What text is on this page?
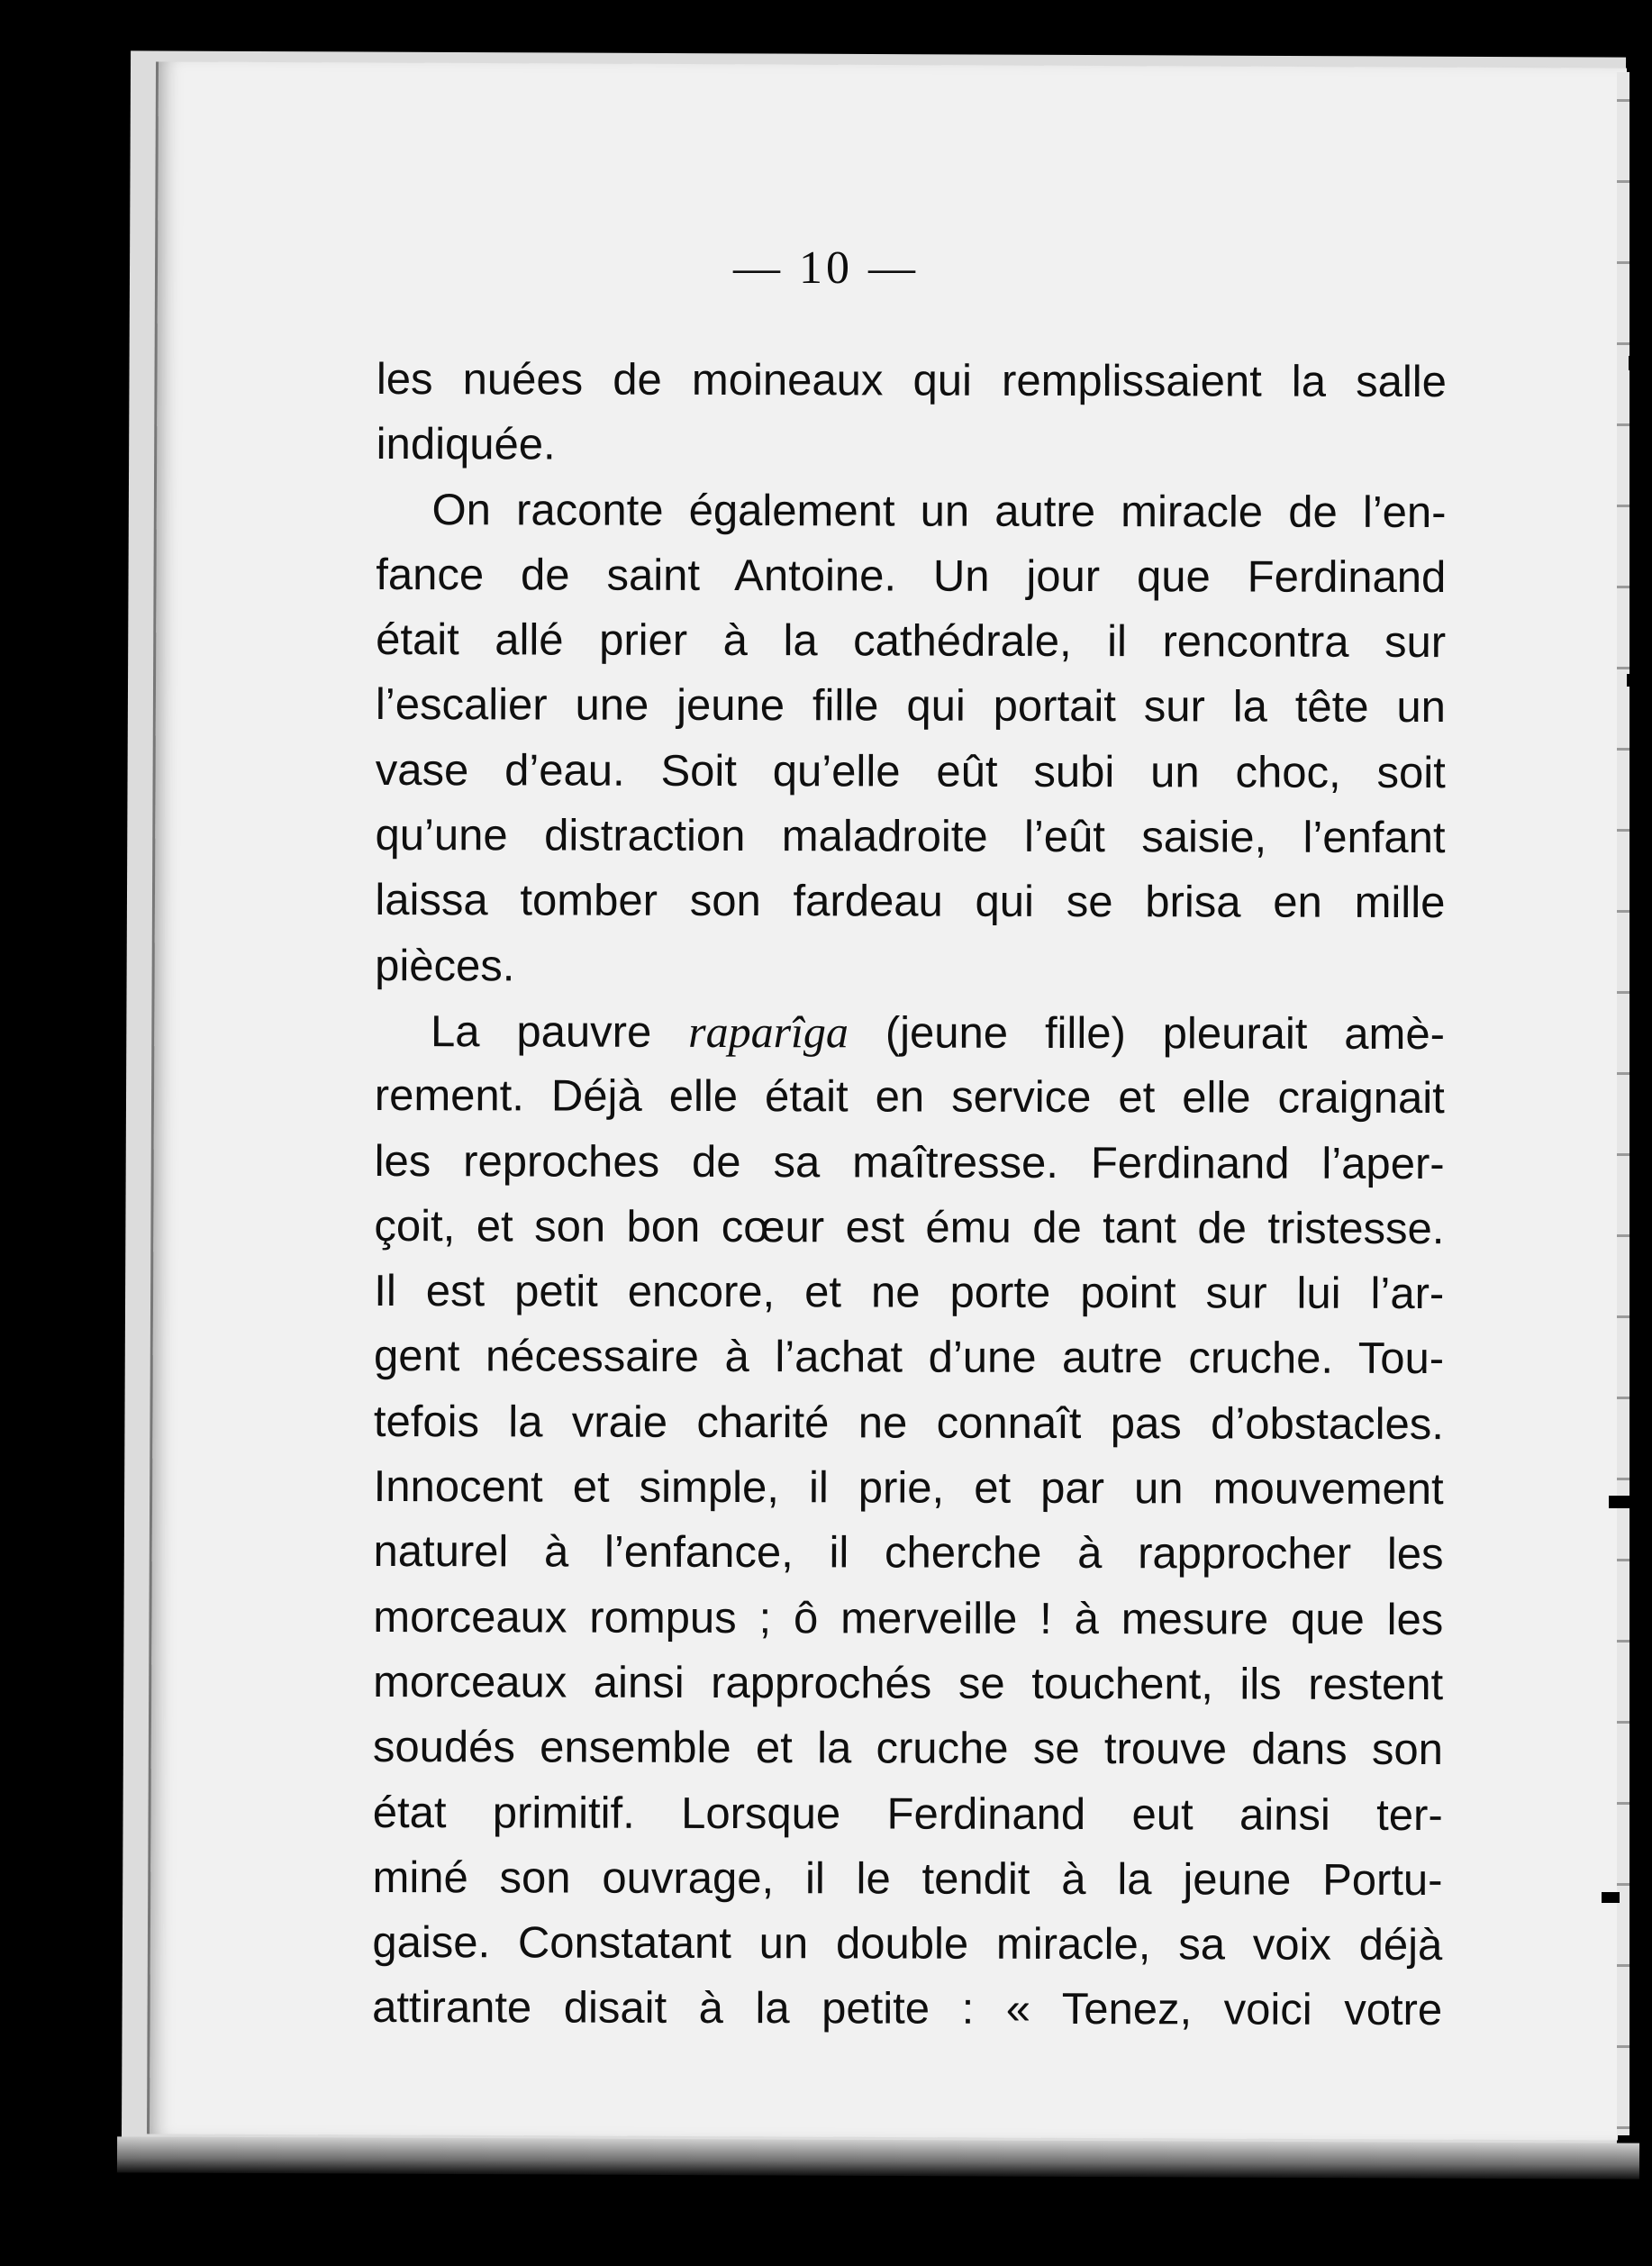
— 10 —
les nuées de moineaux qui remplissaient la salle
indiquée.
On raconte également un autre miracle de l’en-
fance de saint Antoine. Un jour que Ferdinand
était allé prier à la cathédrale, il rencontra sur
l’escalier une jeune fille qui portait sur la tête un
vase d’eau. Soit qu’elle eût subi un choc, soit
qu’une distraction maladroite l’eût saisie, l’enfant
laissa tomber son fardeau qui se brisa en mille
pièces.
La pauvre raparîga (jeune fille) pleurait amè-
rement. Déjà elle était en service et elle craignait
les reproches de sa maîtresse. Ferdinand l’aper-
çoit, et son bon cœur est ému de tant de tristesse.
Il est petit encore, et ne porte point sur lui l’ar-
gent nécessaire à l’achat d’une autre cruche. Tou-
tefois la vraie charité ne connaît pas d’obstacles.
Innocent et simple, il prie, et par un mouvement
naturel à l’enfance, il cherche à rapprocher les
morceaux rompus ; ô merveille ! à mesure que les
morceaux ainsi rapprochés se touchent, ils restent
soudés ensemble et la cruche se trouve dans son
état primitif. Lorsque Ferdinand eut ainsi ter-
miné son ouvrage, il le tendit à la jeune Portu-
gaise. Constatant un double miracle, sa voix déjà
attirante disait à la petite : « Tenez, voici votre
